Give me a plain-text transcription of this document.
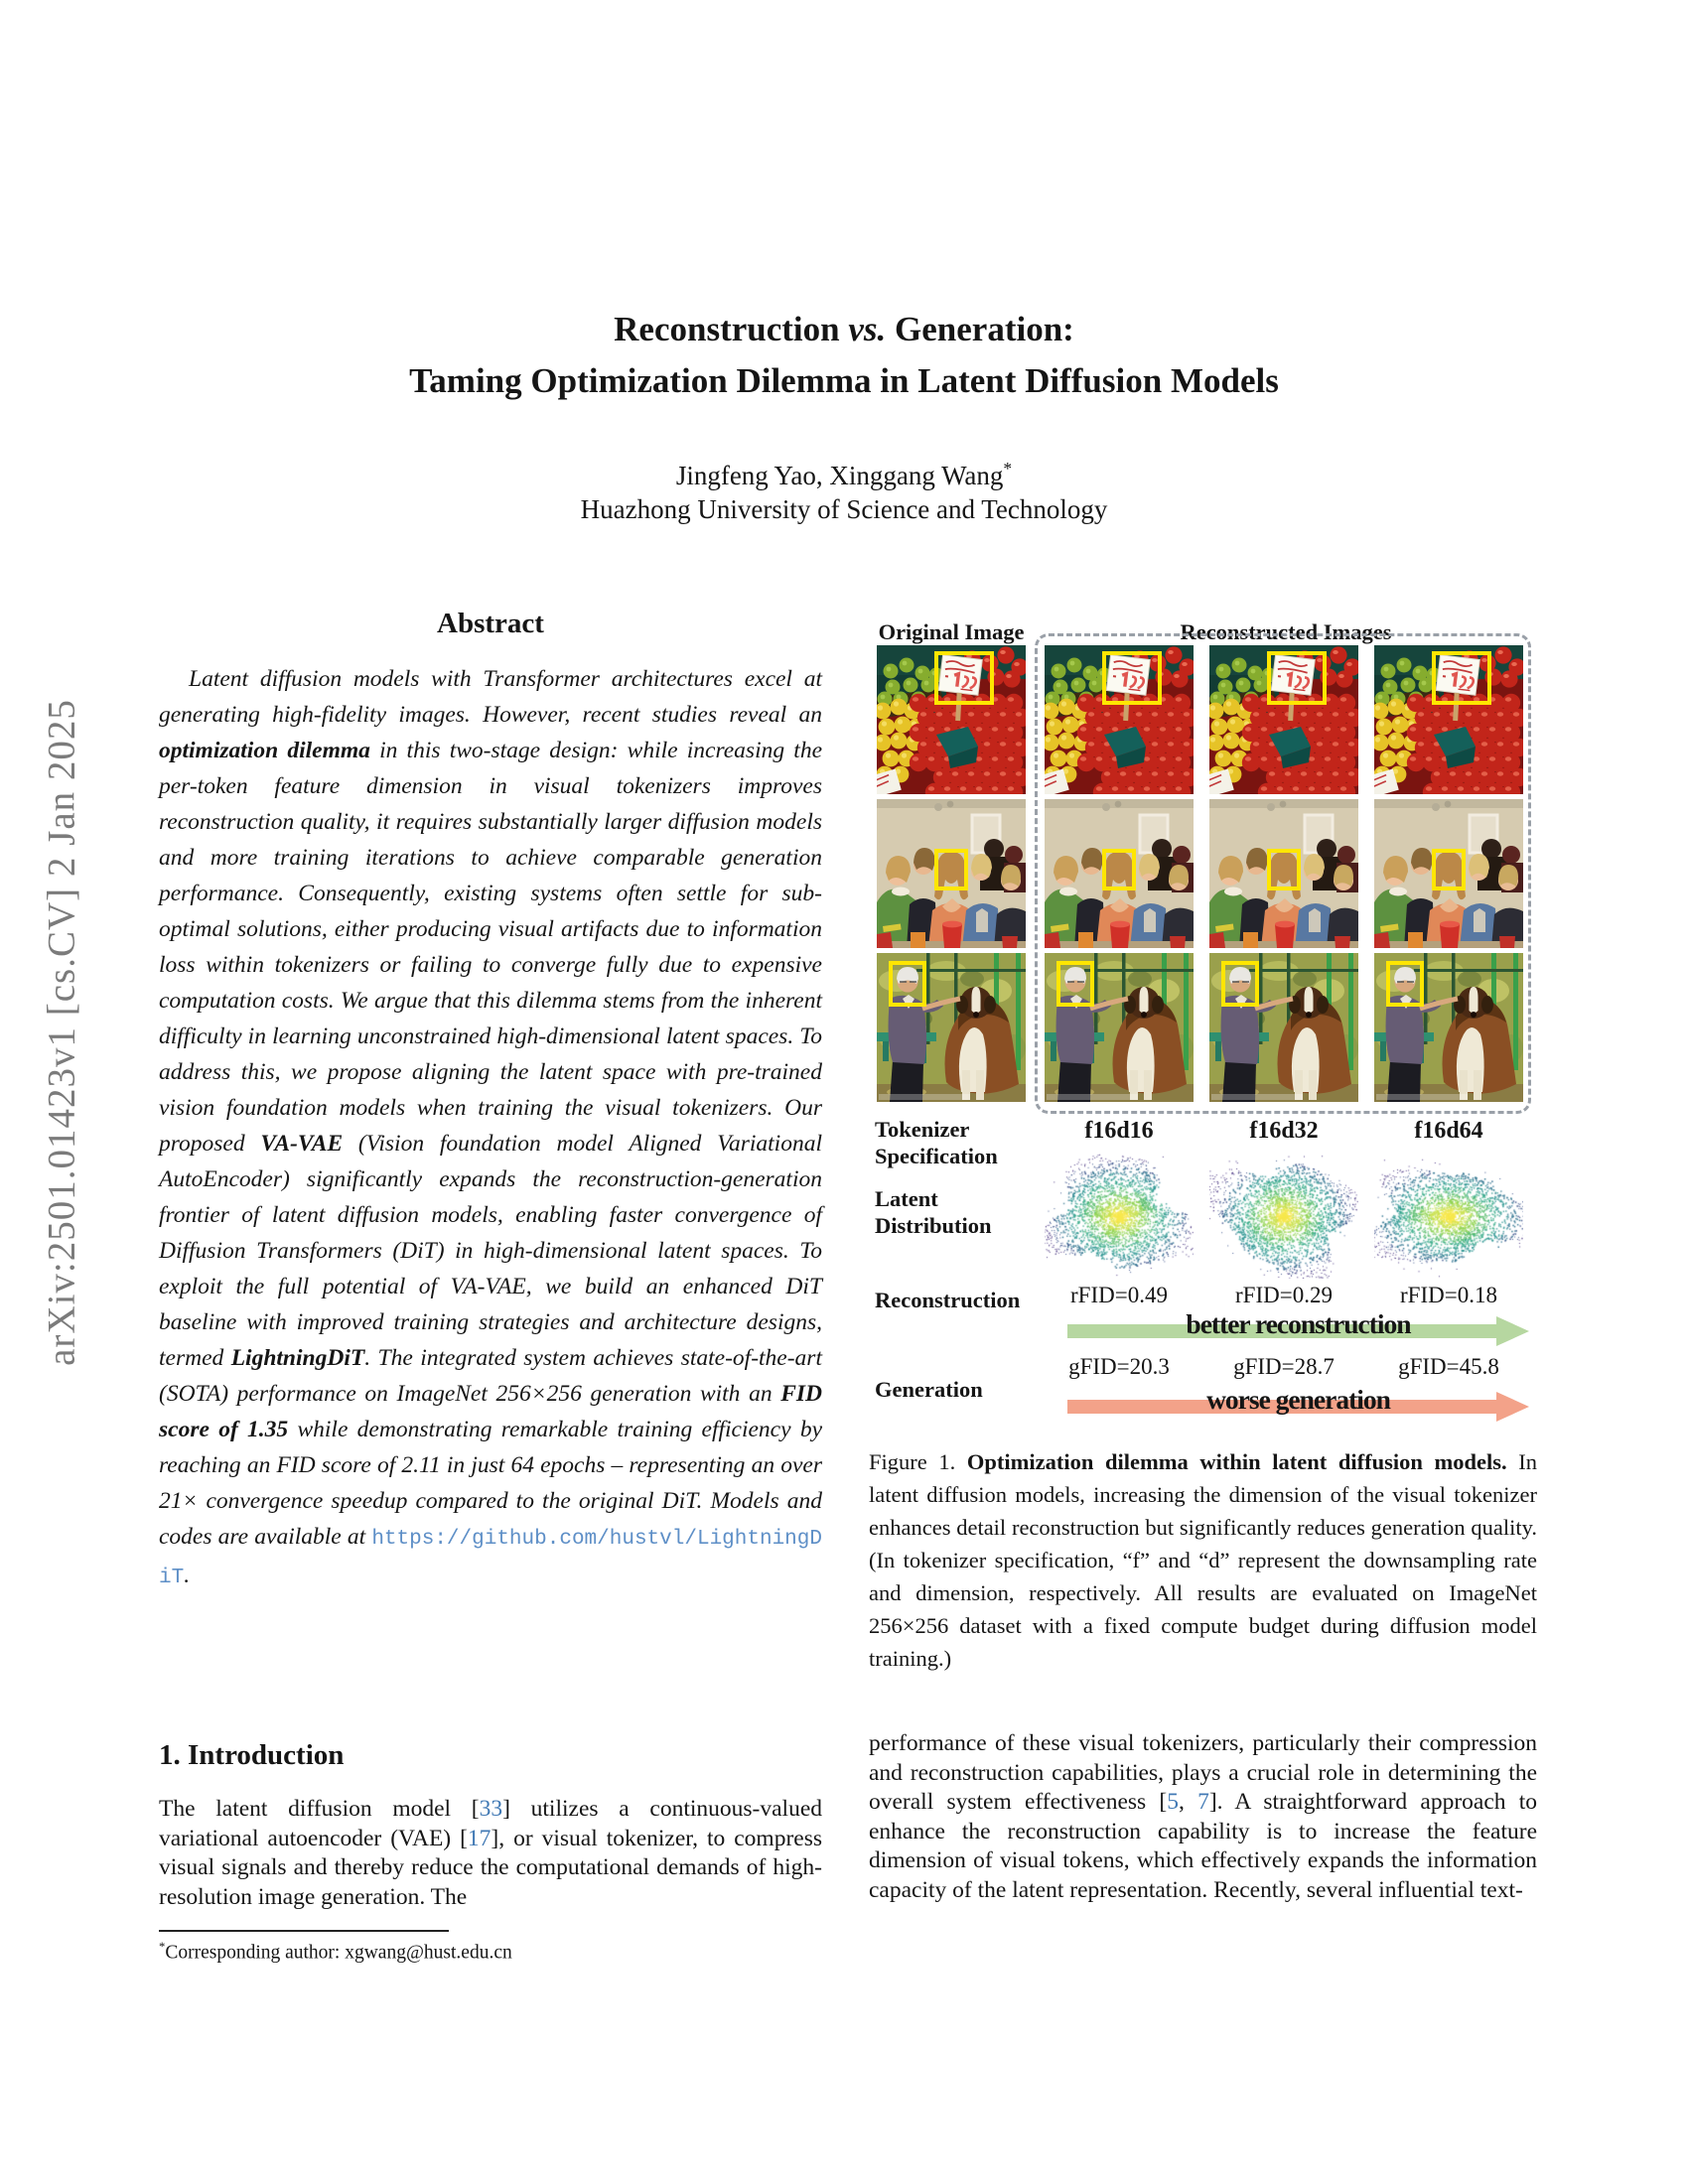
arXiv:2501.01423v1 [cs.CV] 2 Jan 2025
Reconstruction vs. Generation:
Taming Optimization Dilemma in Latent Diffusion Models
Jingfeng Yao, Xinggang Wang*
Huazhong University of Science and Technology
Abstract
Latent diffusion models with Transformer architectures excel at generating high-fidelity images. However, recent studies reveal an optimization dilemma in this two-stage design: while increasing the per-token feature dimension in visual tokenizers improves reconstruction quality, it requires substantially larger diffusion models and more training iterations to achieve comparable generation performance. Consequently, existing systems often settle for sub-optimal solutions, either producing visual artifacts due to information loss within tokenizers or failing to converge fully due to expensive computation costs. We argue that this dilemma stems from the inherent difficulty in learning unconstrained high-dimensional latent spaces. To address this, we propose aligning the latent space with pre-trained vision foundation models when training the visual tokenizers. Our proposed VA-VAE (Vision foundation model Aligned Variational AutoEncoder) significantly expands the reconstruction-generation frontier of latent diffusion models, enabling faster convergence of Diffusion Transformers (DiT) in high-dimensional latent spaces. To exploit the full potential of VA-VAE, we build an enhanced DiT baseline with improved training strategies and architecture designs, termed LightningDiT. The integrated system achieves state-of-the-art (SOTA) performance on ImageNet 256×256 generation with an FID score of 1.35 while demonstrating remarkable training efficiency by reaching an FID score of 2.11 in just 64 epochs – representing an over 21× convergence speedup compared to the original DiT. Models and codes are available at https://github.com/hustvl/LightningDiT.
1. Introduction
The latent diffusion model [33] utilizes a continuous-valued variational autoencoder (VAE) [17], or visual tokenizer, to compress visual signals and thereby reduce the computational demands of high-resolution image generation. The
*Corresponding author: xgwang@hust.edu.cn
Original Image	Reconstructed Images
Tokenizer
Specification
Latent
Distribution
Reconstruction
Generation
better reconstruction
worse generation
f16d16
rFID=0.49
gFID=20.3
f16d32
rFID=0.29
gFID=28.7
f16d64
rFID=0.18
gFID=45.8
Figure 1. Optimization dilemma within latent diffusion models. In latent diffusion models, increasing the dimension of the visual tokenizer enhances detail reconstruction but significantly reduces generation quality. (In tokenizer specification, “f” and “d” represent the downsampling rate and dimension, respectively. All results are evaluated on ImageNet 256×256 dataset with a fixed compute budget during diffusion model training.)
performance of these visual tokenizers, particularly their compression and reconstruction capabilities, plays a crucial role in determining the overall system effectiveness [5, 7]. A straightforward approach to enhance the reconstruction capability is to increase the feature dimension of visual tokens, which effectively expands the information capacity of the latent representation. Recently, several influential text-
